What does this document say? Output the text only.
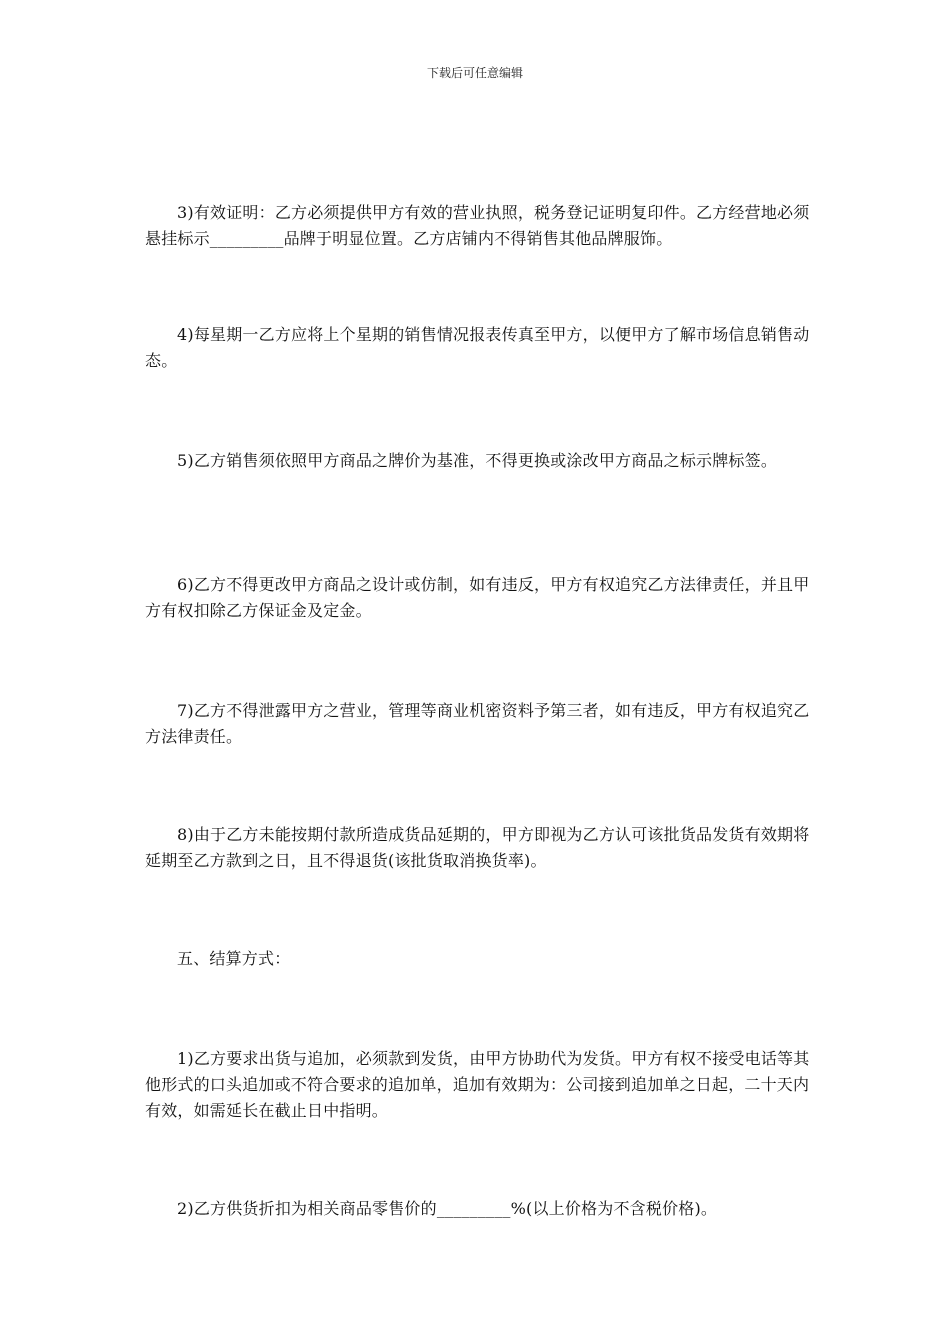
下载后可任意编辑

3)有效证明：乙方必须提供甲方有效的营业执照，税务登记证明复印件。乙方经营地必须悬挂标示_________品牌于明显位置。乙方店铺内不得销售其他品牌服饰。

4)每星期一乙方应将上个星期的销售情况报表传真至甲方，以便甲方了解市场信息销售动态。

5)乙方销售须依照甲方商品之牌价为基准，不得更换或涂改甲方商品之标示牌标签。

6)乙方不得更改甲方商品之设计或仿制，如有违反，甲方有权追究乙方法律责任，并且甲方有权扣除乙方保证金及定金。

7)乙方不得泄露甲方之营业，管理等商业机密资料予第三者，如有违反，甲方有权追究乙方法律责任。

8)由于乙方未能按期付款所造成货品延期的，甲方即视为乙方认可该批货品发货有效期将延期至乙方款到之日，且不得退货(该批货取消换货率)。

五、结算方式：

1)乙方要求出货与追加，必须款到发货，由甲方协助代为发货。甲方有权不接受电话等其他形式的口头追加或不符合要求的追加单，追加有效期为：公司接到追加单之日起，二十天内有效，如需延长在截止日中指明。

2)乙方供货折扣为相关商品零售价的_________%(以上价格为不含税价格)。
